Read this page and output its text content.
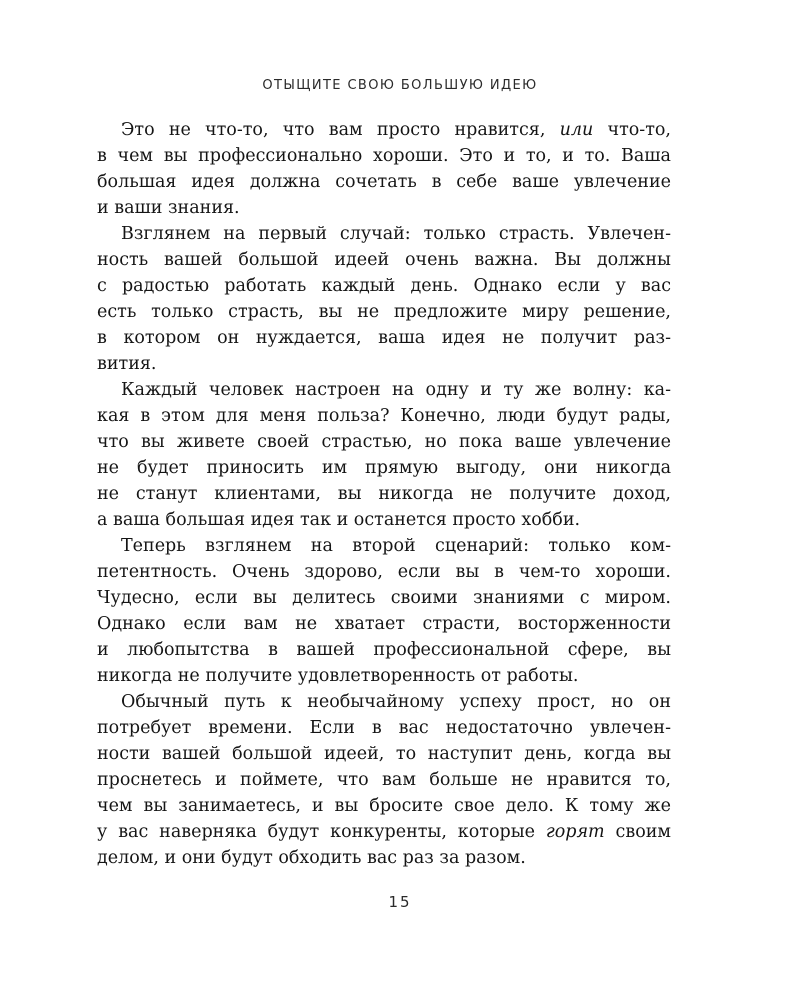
ОТЫЩИТЕ СВОЮ БОЛЬШУЮ ИДЕЮ
Это не что-то, что вам просто нравится, или что-то,
в чем вы профессионально хороши. Это и то, и то. Ваша
большая идея должна сочетать в себе ваше увлечение
и ваши знания.
Взглянем на первый случай: только страсть. Увлечен-
ность вашей большой идеей очень важна. Вы должны
с радостью работать каждый день. Однако если у вас
есть только страсть, вы не предложите миру решение,
в котором он нуждается, ваша идея не получит раз-
вития.
Каждый человек настроен на одну и ту же волну: ка-
кая в этом для меня польза? Конечно, люди будут рады,
что вы живете своей страстью, но пока ваше увлечение
не будет приносить им прямую выгоду, они никогда
не станут клиентами, вы никогда не получите доход,
а ваша большая идея так и останется просто хобби.
Теперь взглянем на второй сценарий: только ком-
петентность. Очень здорово, если вы в чем-то хороши.
Чудесно, если вы делитесь своими знаниями с миром.
Однако если вам не хватает страсти, восторженности
и любопытства в вашей профессиональной сфере, вы
никогда не получите удовлетворенность от работы.
Обычный путь к необычайному успеху прост, но он
потребует времени. Если в вас недостаточно увлечен-
ности вашей большой идеей, то наступит день, когда вы
проснетесь и поймете, что вам больше не нравится то,
чем вы занимаетесь, и вы бросите свое дело. К тому же
у вас наверняка будут конкуренты, которые горят своим
делом, и они будут обходить вас раз за разом.
15
